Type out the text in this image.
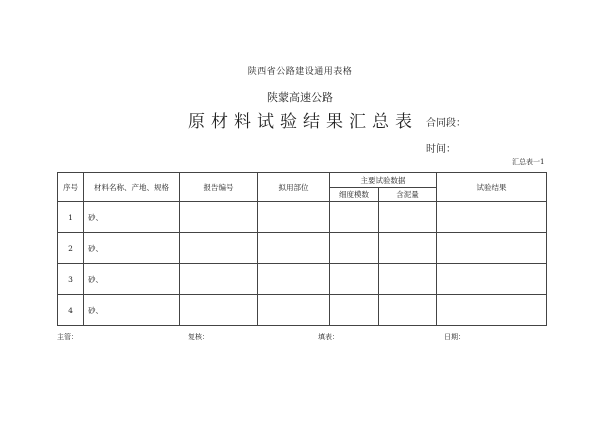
陕西省公路建设通用表格
陕蒙高速公路
原材料试验结果汇总表 合同段：
时间：
汇总表一1
序号	材料名称、产地、规格	报告编号	拟用部位	主要试验数据		试验结果
				细度模数	含泥量	
1	砂、					
2	砂、					
3	砂、					
4	砂、					
主管：	复核：	填表：	日期：
